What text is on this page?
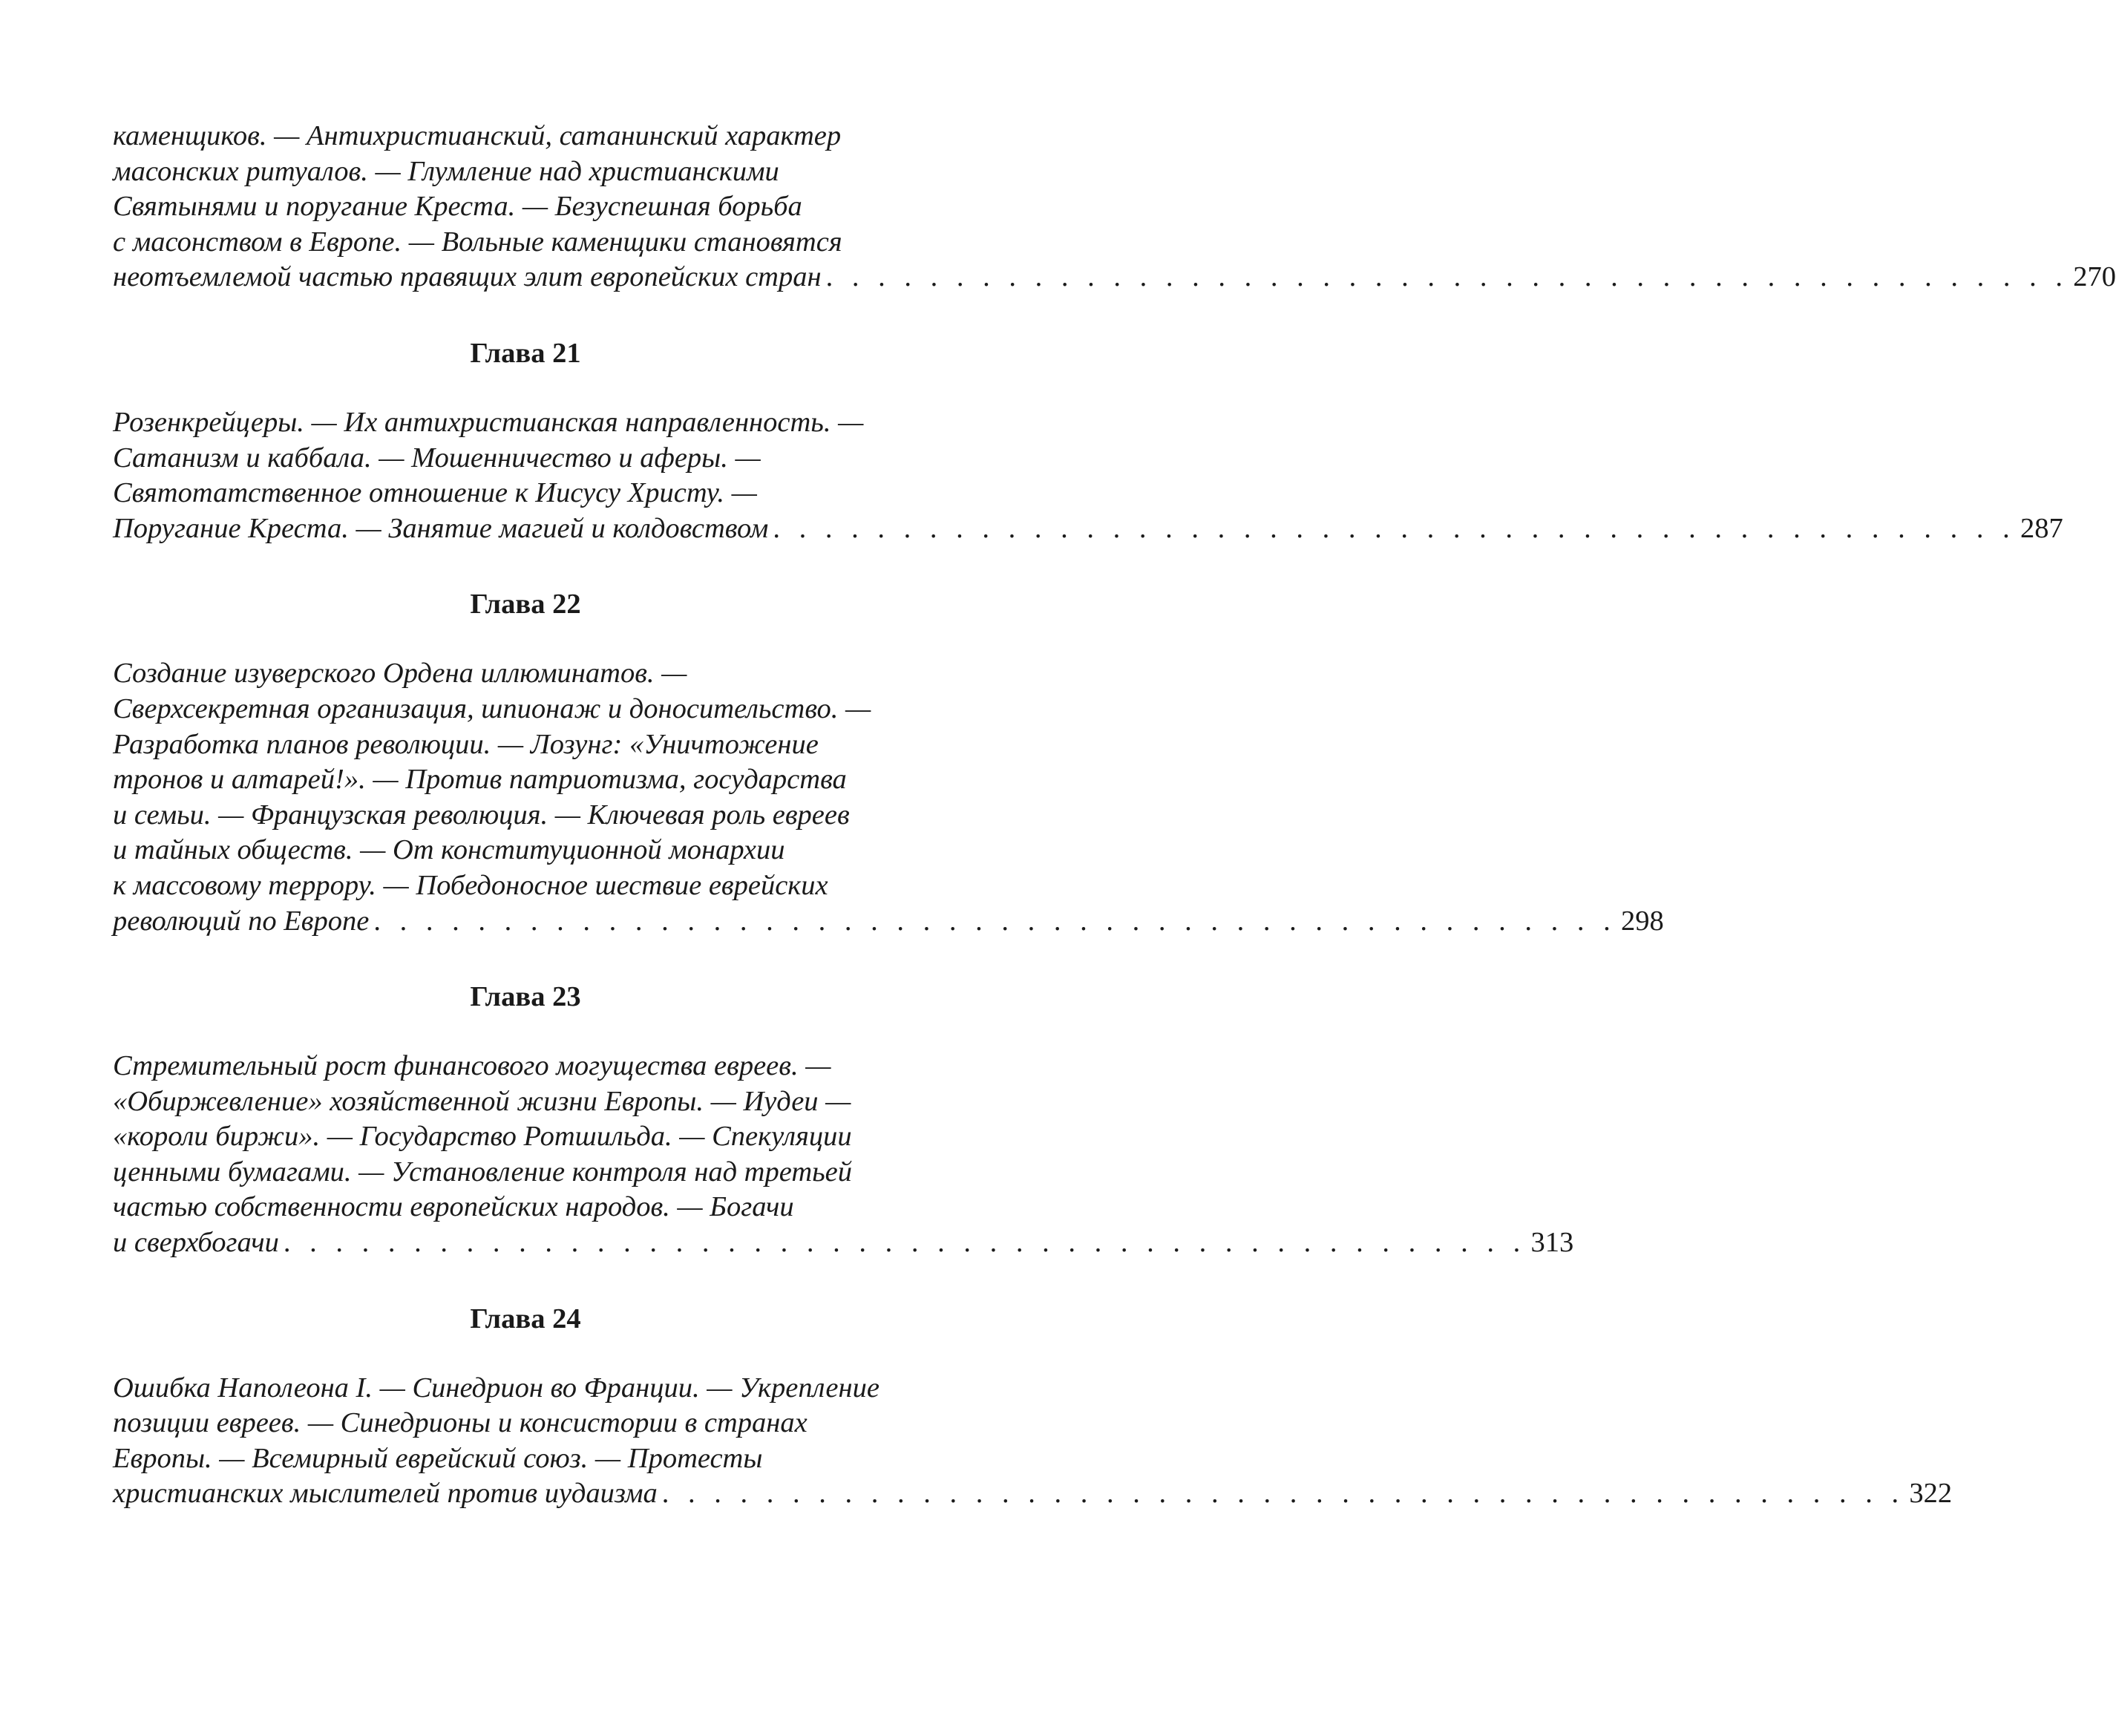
каменщиков. — Антихристианский, сатанинский характер
масонских ритуалов. — Глумление над христианскими
Святынями и поругание Креста. — Безуспешная борьба
с масонством в Европе. — Вольные каменщики становятся
неотъемлемой частью правящих элит европейских стран . . . . . . . . . . . . . . . . . . . . . . . . . . . . . . . . . . . . . . . . . . . . . . . . 270
Глава 21
Розенкрейцеры. — Их антихристианская направленность. —
Сатанизм и каббала. — Мошенничество и аферы. —
Святотатственное отношение к Иисусу Христу. —
Поругание Креста. — Занятие магией и колдовством . . . . . . . . . . . . . . . . . . . . . . . . . . . . . . . . . . . . . . . . . . . . . . . . 287
Глава 22
Создание изуверского Ордена иллюминатов. —
Сверхсекретная организация, шпионаж и доносительство. —
Разработка планов революции. — Лозунг: «Уничтожение
тронов и алтарей!». — Против патриотизма, государства
и семьи. — Французская революция. — Ключевая роль евреев
и тайных обществ. — От конституционной монархии
к массовому террору. — Победоносное шествие еврейских
революций по Европе . . . . . . . . . . . . . . . . . . . . . . . . . . . . . . . . . . . . . . . . . . . . . . . . 298
Глава 23
Стремительный рост финансового могущества евреев. —
«Обиржевление» хозяйственной жизни Европы. — Иудеи —
«короли биржи». — Государство Ротшильда. — Спекуляции
ценными бумагами. — Установление контроля над третьей
частью собственности европейских народов. — Богачи
и сверхбогачи . . . . . . . . . . . . . . . . . . . . . . . . . . . . . . . . . . . . . . . . . . . . . . . . 313
Глава 24
Ошибка Наполеона I. — Синедрион во Франции. — Укрепление
позиции евреев. — Синедрионы и консистории в странах
Европы. — Всемирный еврейский союз. — Протесты
христианских мыслителей против иудаизма . . . . . . . . . . . . . . . . . . . . . . . . . . . . . . . . . . . . . . . . . . . . . . . . 322
